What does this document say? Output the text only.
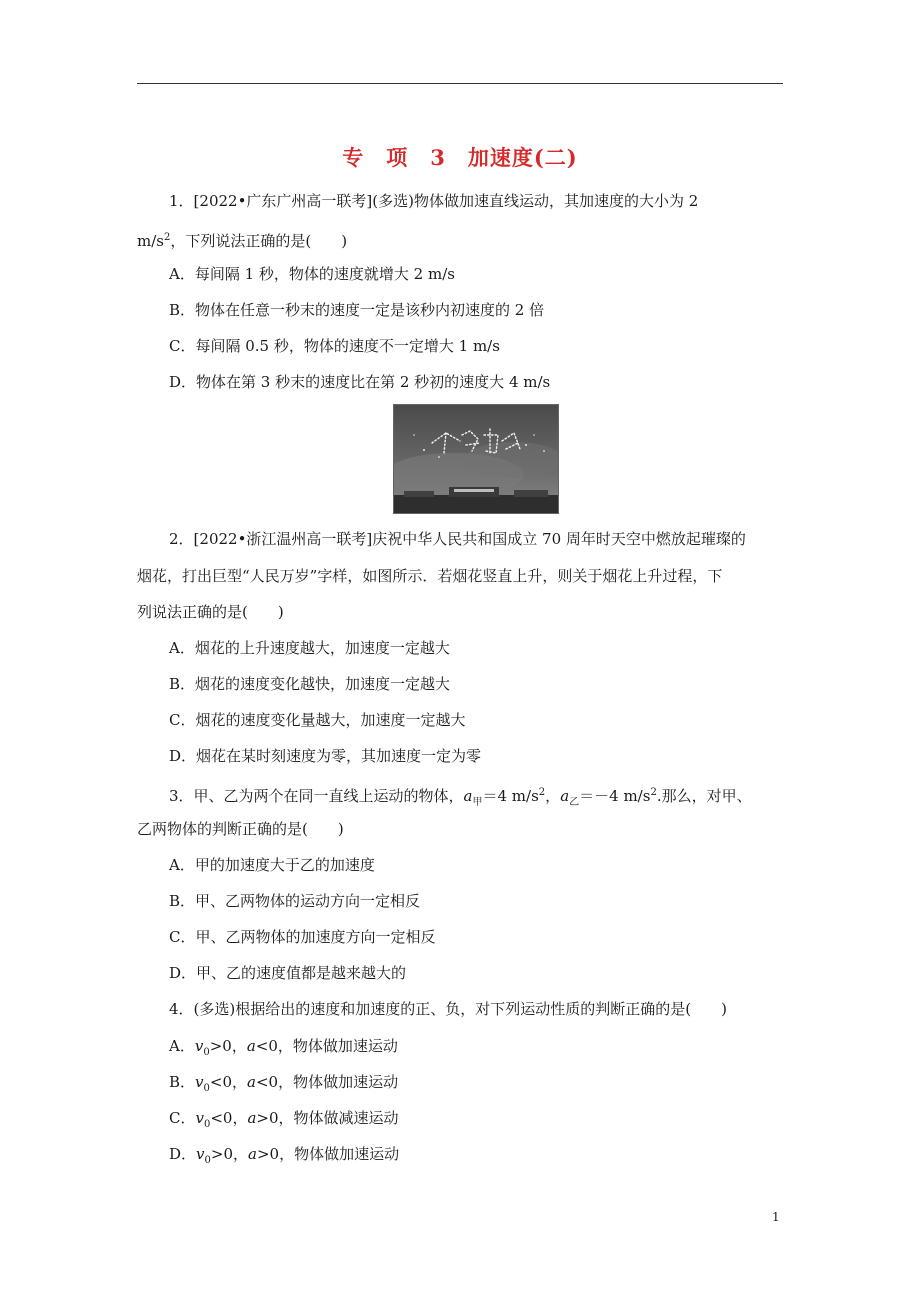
专　项　3　加速度(二)
1．[2022•广东广州高一联考](多选)物体做加速直线运动，其加速度的大小为 2
$m/s^2$，下列说法正确的是(　　)
A．每间隔 1 秒，物体的速度就增大 2 m/s
B．物体在任意一秒末的速度一定是该秒内初速度的 2 倍
C．每间隔 0.5 秒，物体的速度不一定增大 1 m/s
D．物体在第 3 秒末的速度比在第 2 秒初的速度大 4 m/s
2．[2022•浙江温州高一联考]庆祝中华人民共和国成立 70 周年时天空中燃放起璀璨的
烟花，打出巨型“人民万岁”字样，如图所示．若烟花竖直上升，则关于烟花上升过程，下
列说法正确的是(　　)
A．烟花的上升速度越大，加速度一定越大
B．烟花的速度变化越快，加速度一定越大
C．烟花的速度变化量越大，加速度一定越大
D．烟花在某时刻速度为零，其加速度一定为零
3．甲、乙为两个在同一直线上运动的物体，$a_甲=4$ $m/s^2$，$a_乙=-4$ $m/s^2$.那么，对甲、
乙两物体的判断正确的是(　　)
A．甲的加速度大于乙的加速度
B．甲、乙两物体的运动方向一定相反
C．甲、乙两物体的加速度方向一定相反
D．甲、乙的速度值都是越来越大的
4．(多选)根据给出的速度和加速度的正、负，对下列运动性质的判断正确的是(　　)
A．$v_0>0$，a<0，物体做加速运动
B．$v_0<0$，a<0，物体做加速运动
C．$v_0<0$，a>0，物体做减速运动
D．$v_0>0$，a>0，物体做加速运动
1
